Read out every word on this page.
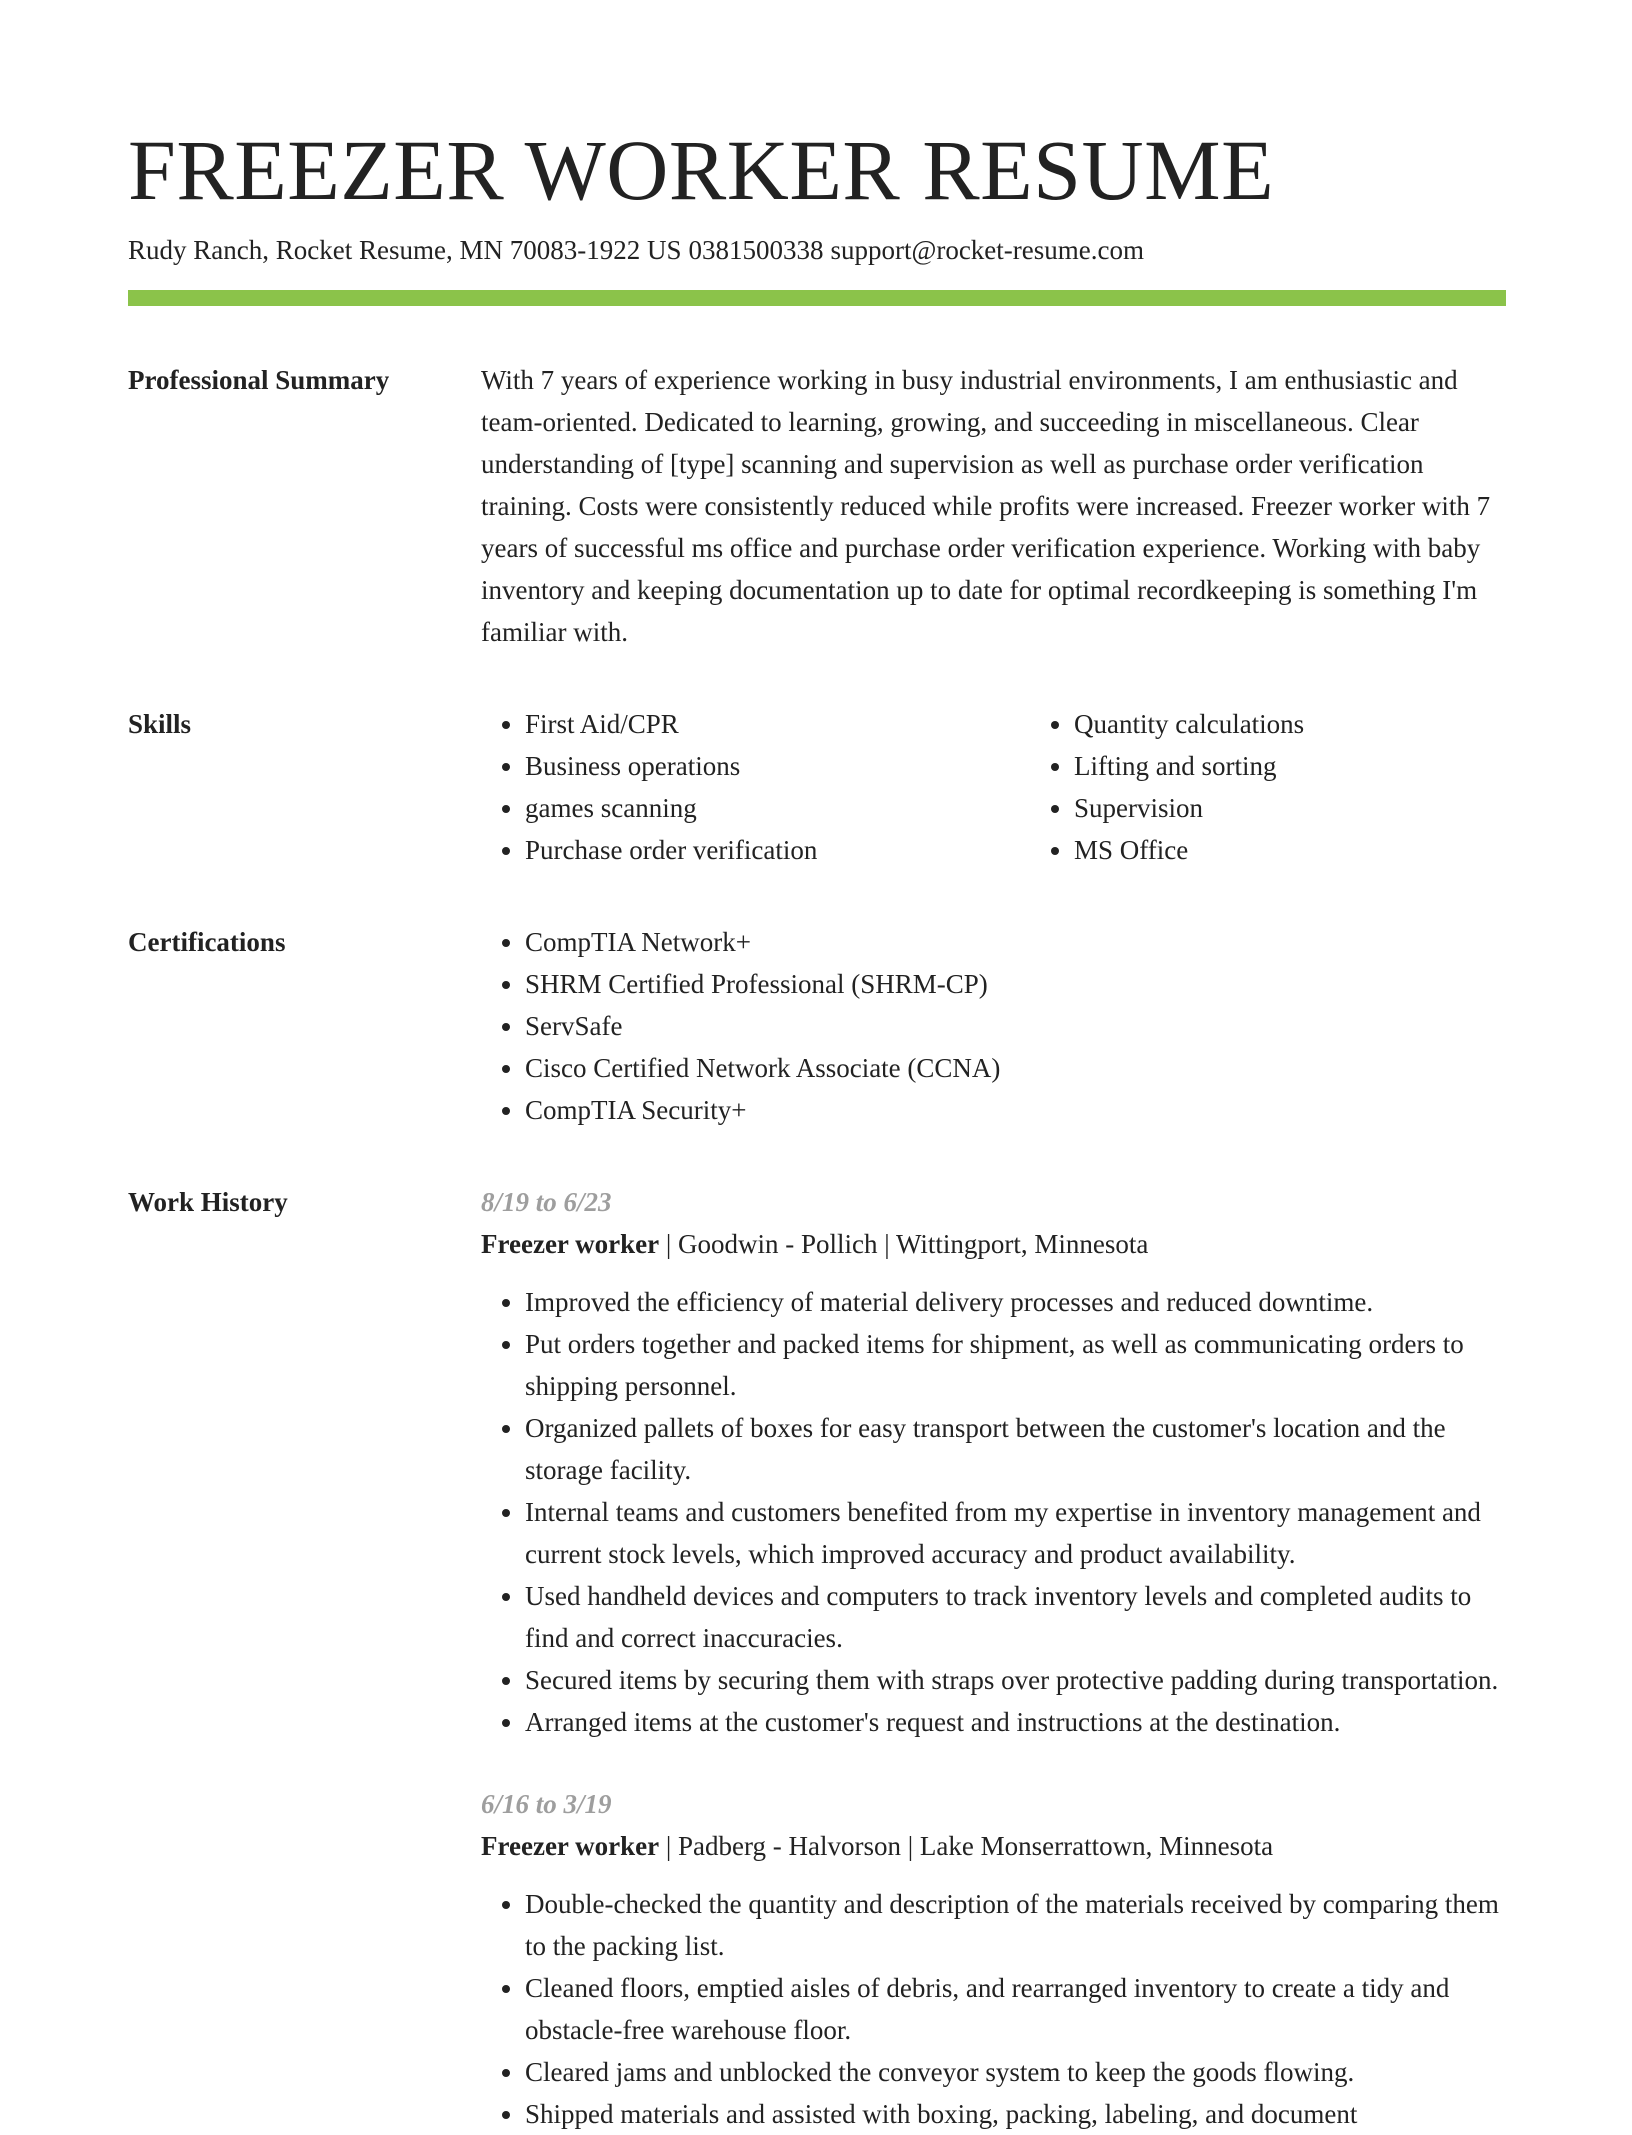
FREEZER WORKER RESUME
Rudy Ranch, Rocket Resume, MN 70083-1922 US 0381500338 support@rocket-resume.com
Professional Summary	With 7 years of experience working in busy industrial environments, I am enthusiastic and team-oriented. Dedicated to learning, growing, and succeeding in miscellaneous. Clear understanding of [type] scanning and supervision as well as purchase order verification training. Costs were consistently reduced while profits were increased. Freezer worker with 7 years of successful ms office and purchase order verification experience. Working with baby inventory and keeping documentation up to date for optimal recordkeeping is something I'm familiar with.

Skills	• First Aid/CPR
• Business operations
• games scanning
• Purchase order verification
• Quantity calculations
• Lifting and sorting
• Supervision
• MS Office
Certifications	• CompTIA Network+
• SHRM Certified Professional (SHRM-CP)
• ServSafe
• Cisco Certified Network Associate (CCNA)
• CompTIA Security+
Work History	8/19 to 6/23
Freezer worker | Goodwin - Pollich | Wittingport, Minnesota
• Improved the efficiency of material delivery processes and reduced downtime.
• Put orders together and packed items for shipment, as well as communicating orders to shipping personnel.
• Organized pallets of boxes for easy transport between the customer's location and the storage facility.
• Internal teams and customers benefited from my expertise in inventory management and current stock levels, which improved accuracy and product availability.
• Used handheld devices and computers to track inventory levels and completed audits to find and correct inaccuracies.
• Secured items by securing them with straps over protective padding during transportation.
• Arranged items at the customer's request and instructions at the destination.
6/16 to 3/19
Freezer worker | Padberg - Halvorson | Lake Monserrattown, Minnesota
• Double-checked the quantity and description of the materials received by comparing them to the packing list.
• Cleaned floors, emptied aisles of debris, and rearranged inventory to create a tidy and obstacle-free warehouse floor.
• Cleared jams and unblocked the conveyor system to keep the goods flowing.
• Shipped materials and assisted with boxing, packing, labeling, and document
